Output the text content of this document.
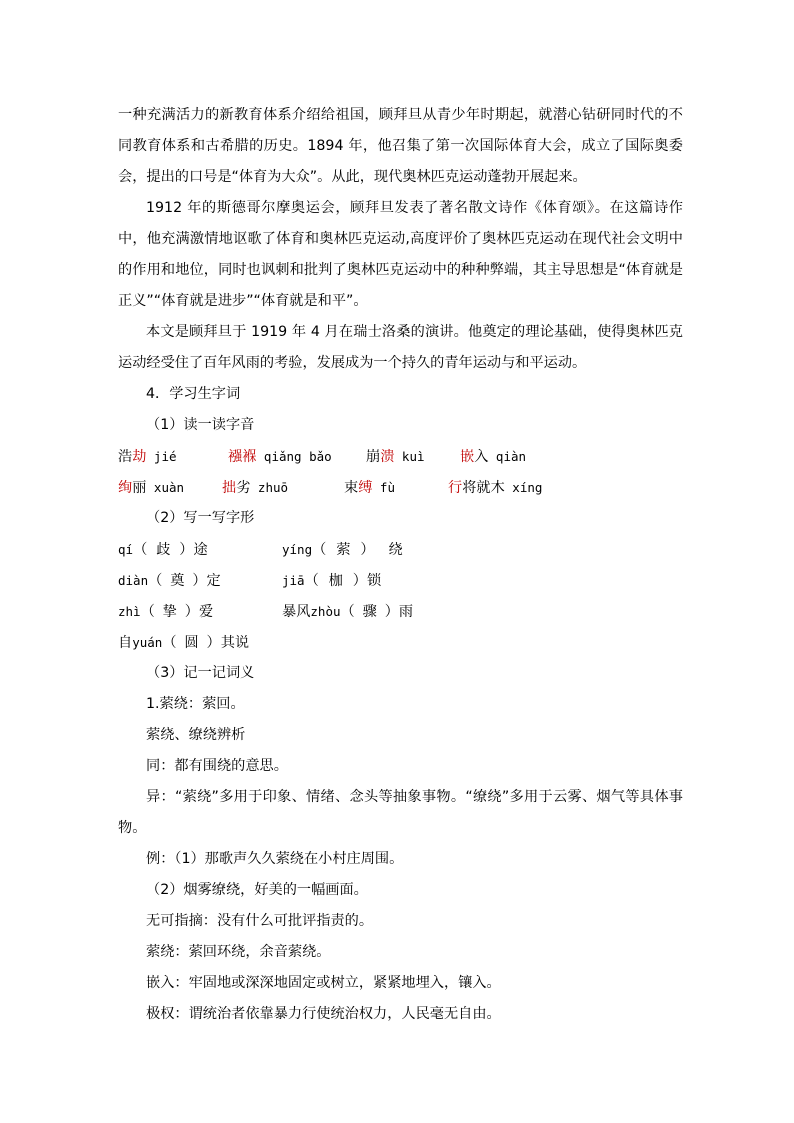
一种充满活力的新教育体系介绍给祖国，顾拜旦从青少年时期起，就潜心钻研同时代的不同教育体系和古希腊的历史。1894 年，他召集了第一次国际体育大会，成立了国际奥委会，提出的口号是“体育为大众”。从此，现代奥林匹克运动蓬勃开展起来。

1912 年的斯德哥尔摩奥运会，顾拜旦发表了著名散文诗作《体育颂》。在这篇诗作中，他充满激情地讴歌了体育和奥林匹克运动,高度评价了奥林匹克运动在现代社会文明中的作用和地位，同时也讽刺和批判了奥林匹克运动中的种种弊端，其主导思想是“体育就是正义”“体育就是进步”“体育就是和平”。

本文是顾拜旦于 1919 年 4 月在瑞士洛桑的演讲。他奠定的理论基础，使得奥林匹克运动经受住了百年风雨的考验，发展成为一个持久的青年运动与和平运动。

4．学习生字词

（1）读一读字音

浩劫 jié	襁褓 qiǎng bǎo 崩溃 kuì 嵌入 qiàn
绚丽 xuàn	拙劣 zhuō	束缚 fù	行将就木 xíng

（2）写一写字形

qí（ 歧 ）途	yíng（ 萦 ） 绕
diàn（ 奠 ）定	jiā（ 枷 ）锁
zhì（ 挚 ）爱	暴风zhòu（ 骤 ）雨
自yuán（ 圆 ）其说

（3）记一记词义

1.萦绕：萦回。

萦绕、缭绕辨析

同：都有围绕的意思。

异：“萦绕”多用于印象、情绪、念头等抽象事物。“缭绕”多用于云雾、烟气等具体事物。

例：（1）那歌声久久萦绕在小村庄周围。

（2）烟雾缭绕，好美的一幅画面。

无可指摘：没有什么可批评指责的。

萦绕：萦回环绕，余音萦绕。

嵌入：牢固地或深深地固定或树立，紧紧地埋入，镶入。

极权：谓统治者依靠暴力行使统治权力，人民毫无自由。
